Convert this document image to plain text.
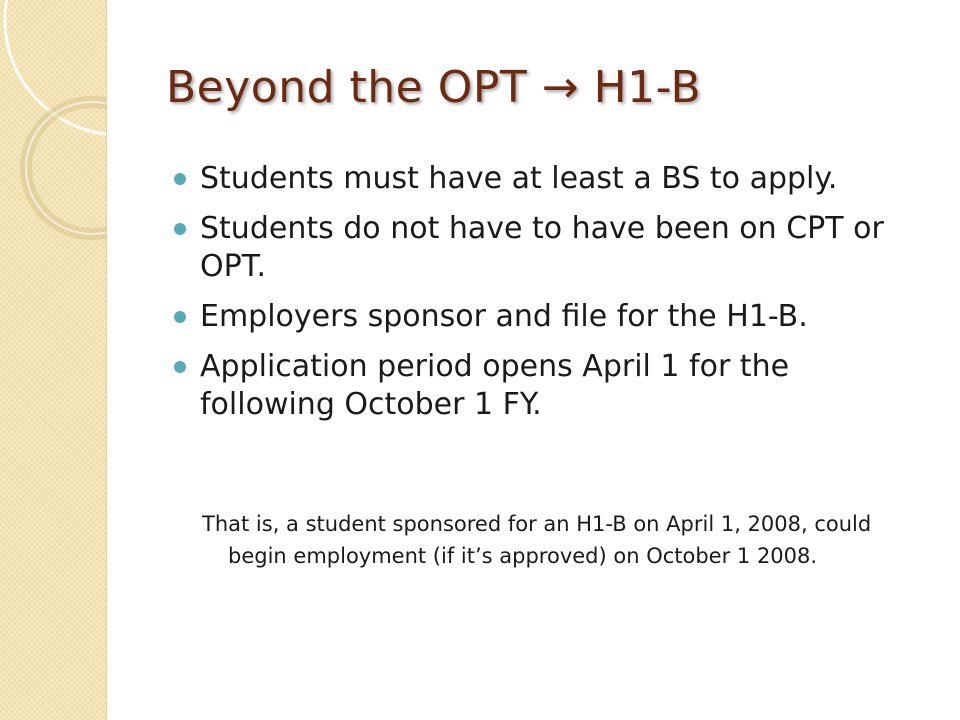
Beyond the OPT → H1-B
Students must have at least a BS to apply.
Students do not have to have been on CPT or OPT.
Employers sponsor and file for the H1-B.
Application period opens April 1 for the following October 1 FY.

That is, a student sponsored for an H1-B on April 1, 2008, could begin employment (if it’s approved) on October 1 2008.
